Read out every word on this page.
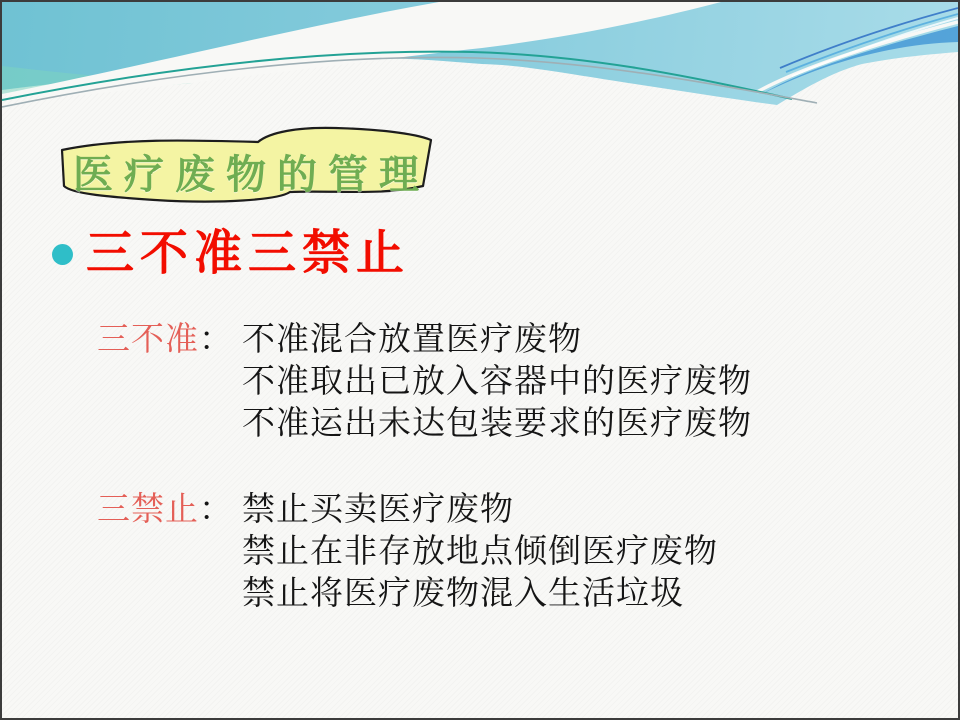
医疗废物的管理
三不准三禁止
三不准： 不准混合放置医疗废物
不准取出已放入容器中的医疗废物
不准运出未达包装要求的医疗废物
三禁止： 禁止买卖医疗废物
禁止在非存放地点倾倒医疗废物
禁止将医疗废物混入生活垃圾
